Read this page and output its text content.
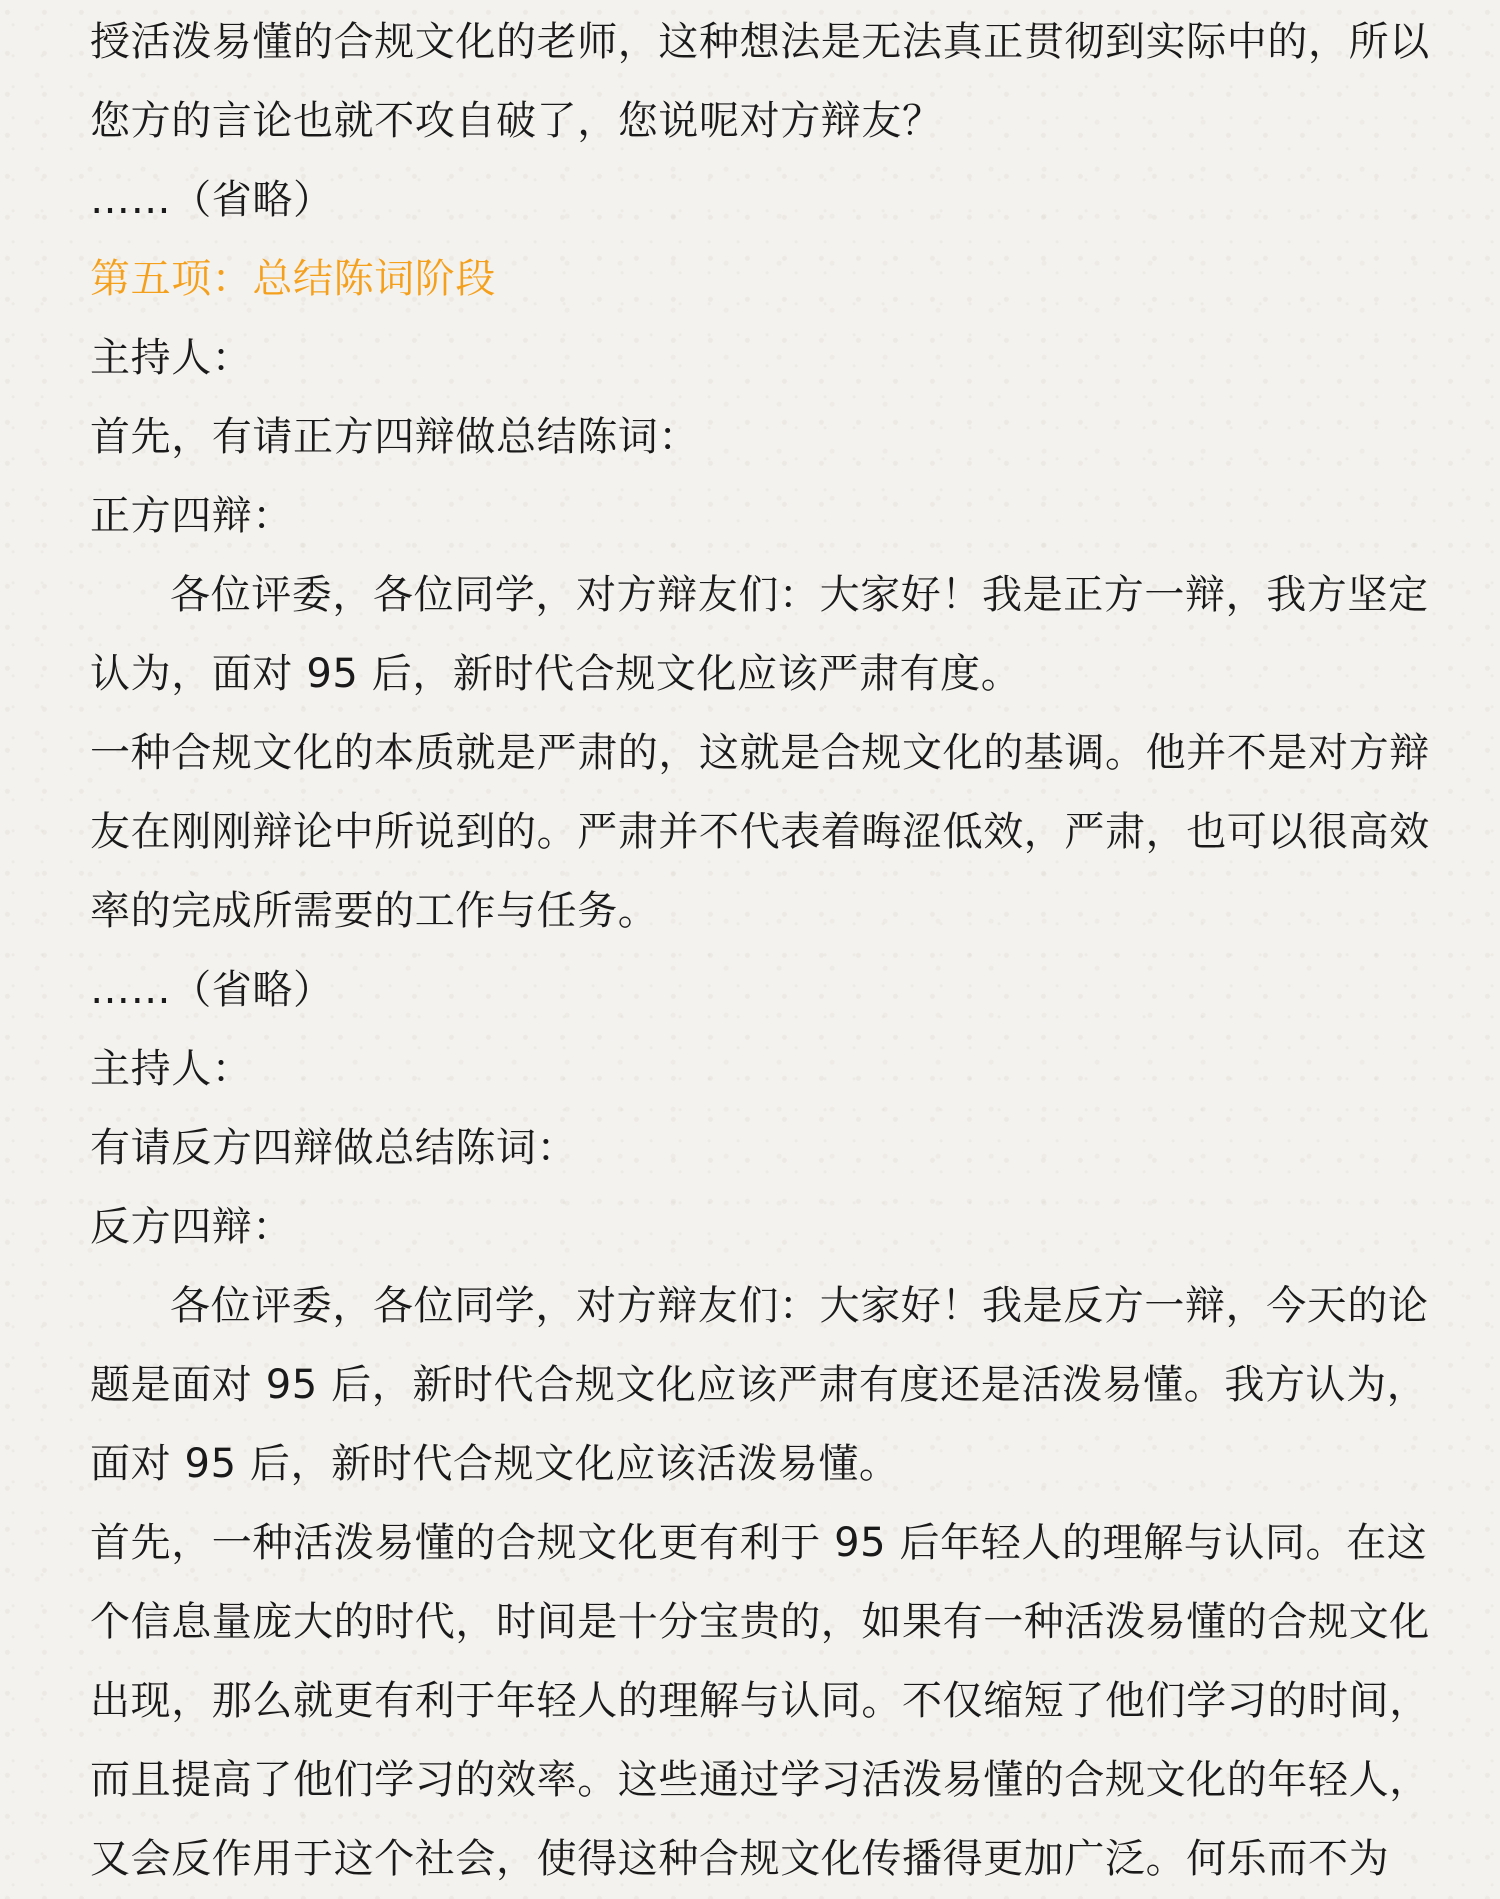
授活泼易懂的合规文化的老师，这种想法是无法真正贯彻到实际中的，所以
您方的言论也就不攻自破了，您说呢对方辩友？
……（省略）
第五项：总结陈词阶段
主持人：
首先，有请正方四辩做总结陈词：
正方四辩：
各位评委，各位同学，对方辩友们：大家好！我是正方一辩，我方坚定
认为，面对 95 后，新时代合规文化应该严肃有度。
一种合规文化的本质就是严肃的，这就是合规文化的基调。他并不是对方辩
友在刚刚辩论中所说到的。严肃并不代表着晦涩低效，严肃，也可以很高效
率的完成所需要的工作与任务。
……（省略）
主持人：
有请反方四辩做总结陈词：
反方四辩：
各位评委，各位同学，对方辩友们：大家好！我是反方一辩，今天的论
题是面对 95 后，新时代合规文化应该严肃有度还是活泼易懂。我方认为，
面对 95 后，新时代合规文化应该活泼易懂。
首先，一种活泼易懂的合规文化更有利于 95 后年轻人的理解与认同。在这
个信息量庞大的时代，时间是十分宝贵的，如果有一种活泼易懂的合规文化
出现，那么就更有利于年轻人的理解与认同。不仅缩短了他们学习的时间，
而且提高了他们学习的效率。这些通过学习活泼易懂的合规文化的年轻人，
又会反作用于这个社会，使得这种合规文化传播得更加广泛。何乐而不为
